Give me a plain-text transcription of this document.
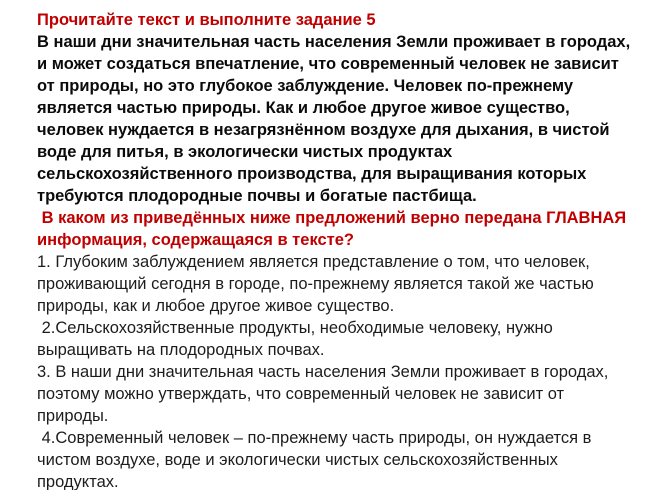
Прочитайте текст и выполните задание 5

В наши дни значительная часть населения Земли проживает в городах, и может создаться впечатление, что современный человек не зависит от природы, но это глубокое заблуждение. Человек по-прежнему является частью природы. Как и любое другое живое существо, человек нуждается в незагрязнённом воздухе для дыхания, в чистой воде для питья, в экологически чистых продуктах сельскохозяйственного производства, для выращивания которых требуются плодородные почвы и богатые пастбища.

В каком из приведённых ниже предложений верно передана ГЛАВНАЯ информация, содержащаяся в тексте?

1. Глубоким заблуждением является представление о том, что человек, проживающий сегодня в городе, по-прежнему является такой же частью природы, как и любое другое живое существо.

2.Сельскохозяйственные продукты, необходимые человеку, нужно выращивать на плодородных почвах.

3. В наши дни значительная часть населения Земли проживает в городах, поэтому можно утверждать, что современный человек не зависит от природы.

4.Современный человек – по-прежнему часть природы, он нуждается в чистом воздухе, воде и экологически чистых сельскохозяйственных продуктах.
